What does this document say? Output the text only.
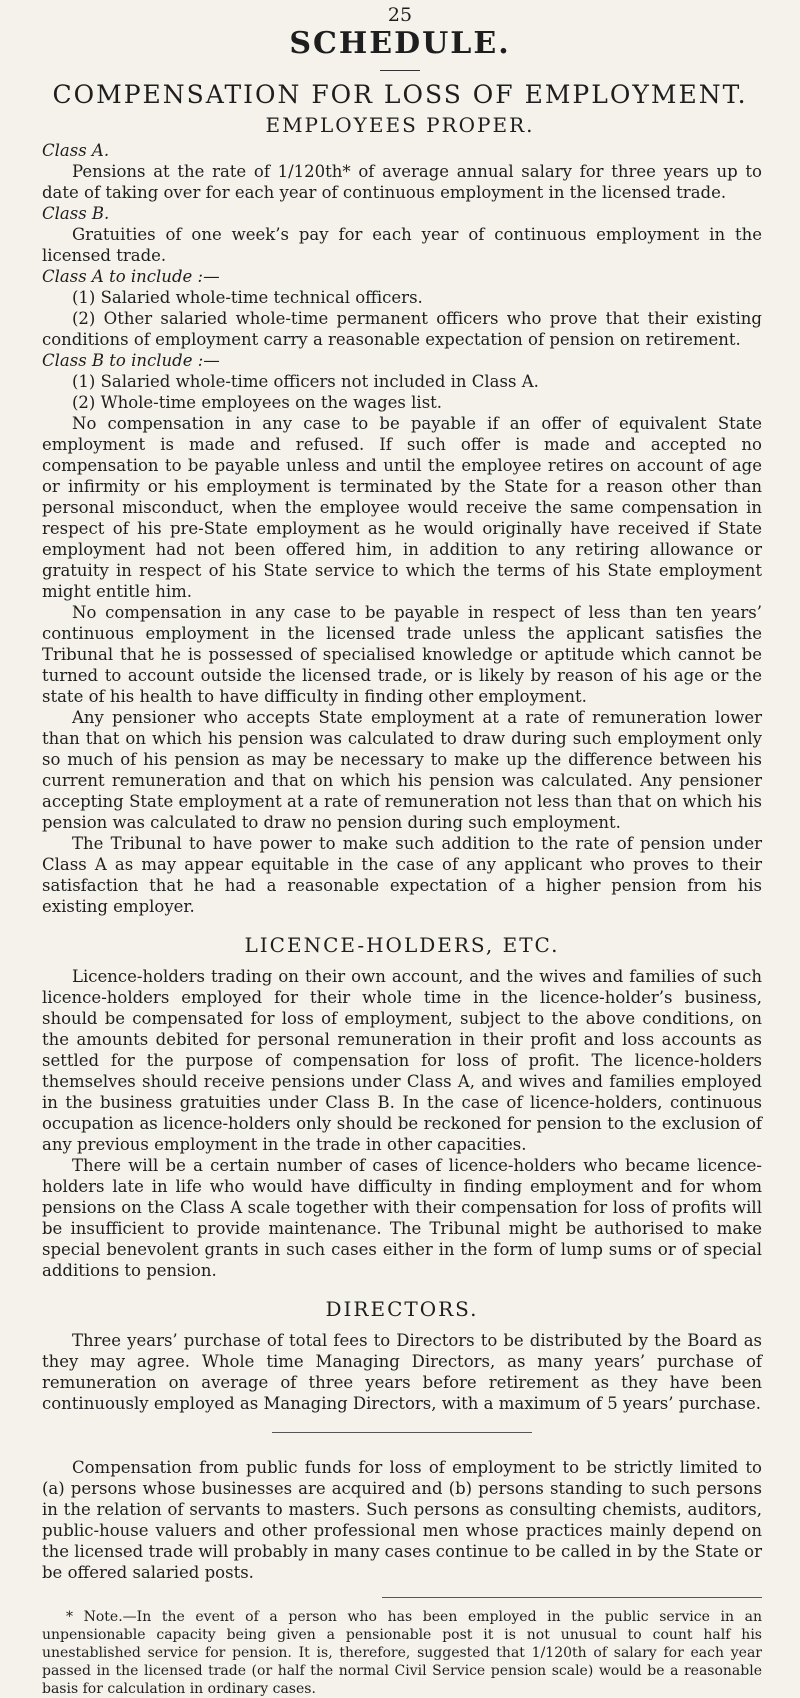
25
SCHEDULE.
COMPENSATION FOR LOSS OF EMPLOYMENT.
EMPLOYEES PROPER.

Class A.

Pensions at the rate of 1/120th* of average annual salary for three years up to date of taking over for each year of continuous employment in the licensed trade.

Class B.

Gratuities of one week’s pay for each year of continuous employment in the licensed trade.

Class A to include :—

(1) Salaried whole-time technical officers.

(2) Other salaried whole-time permanent officers who prove that their existing conditions of employment carry a reasonable expectation of pension on retirement.

Class B to include :—

(1) Salaried whole-time officers not included in Class A.

(2) Whole-time employees on the wages list.

No compensation in any case to be payable if an offer of equivalent State employment is made and refused. If such offer is made and accepted no compensation to be payable unless and until the employee retires on account of age or infirmity or his employment is terminated by the State for a reason other than personal misconduct, when the employee would receive the same compensation in respect of his pre-State employment as he would originally have received if State employment had not been offered him, in addition to any retiring allowance or gratuity in respect of his State service to which the terms of his State employment might entitle him.

No compensation in any case to be payable in respect of less than ten years’ continuous employment in the licensed trade unless the applicant satisfies the Tribunal that he is possessed of specialised knowledge or aptitude which cannot be turned to account outside the licensed trade, or is likely by reason of his age or the state of his health to have difficulty in finding other employment.

Any pensioner who accepts State employment at a rate of remuneration lower than that on which his pension was calculated to draw during such employment only so much of his pension as may be necessary to make up the difference between his current remuneration and that on which his pension was calculated. Any pensioner accepting State employment at a rate of remuneration not less than that on which his pension was calculated to draw no pension during such employment.

The Tribunal to have power to make such addition to the rate of pension under Class A as may appear equitable in the case of any applicant who proves to their satisfaction that he had a reasonable expectation of a higher pension from his existing employer.

LICENCE-HOLDERS, ETC.

Licence-holders trading on their own account, and the wives and families of such licence-holders employed for their whole time in the licence-holder’s business, should be compensated for loss of employment, subject to the above conditions, on the amounts debited for personal remuneration in their profit and loss accounts as settled for the purpose of compensation for loss of profit. The licence-holders themselves should receive pensions under Class A, and wives and families employed in the business gratuities under Class B. In the case of licence-holders, continuous occupation as licence-holders only should be reckoned for pension to the exclusion of any previous employment in the trade in other capacities.

There will be a certain number of cases of licence-holders who became licence-holders late in life who would have difficulty in finding employment and for whom pensions on the Class A scale together with their compensation for loss of profits will be insufficient to provide maintenance. The Tribunal might be authorised to make special benevolent grants in such cases either in the form of lump sums or of special additions to pension.

DIRECTORS.

Three years’ purchase of total fees to Directors to be distributed by the Board as they may agree. Whole time Managing Directors, as many years’ purchase of remuneration on average of three years before retirement as they have been continuously employed as Managing Directors, with a maximum of 5 years’ purchase.

Compensation from public funds for loss of employment to be strictly limited to (a) persons whose businesses are acquired and (b) persons standing to such persons in the relation of servants to masters. Such persons as consulting chemists, auditors, public-house valuers and other professional men whose practices mainly depend on the licensed trade will probably in many cases continue to be called in by the State or be offered salaried posts.

* Note.—In the event of a person who has been employed in the public service in an unpensionable capacity being given a pensionable post it is not unusual to count half his unestablished service for pension. It is, therefore, suggested that 1/120th of salary for each year passed in the licensed trade (or half the normal Civil Service pension scale) would be a reasonable basis for calculation in ordinary cases.
